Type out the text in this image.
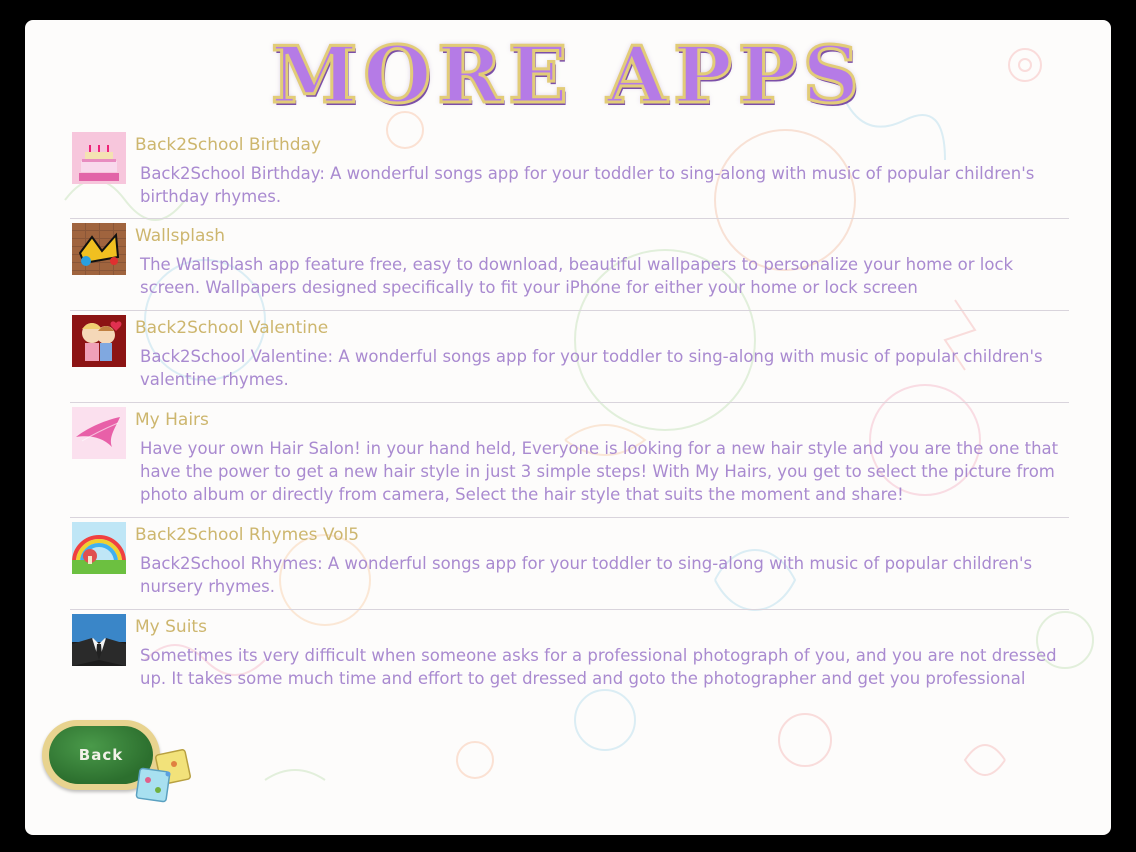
MORE APPS
Back2School Birthday
Back2School Birthday: A wonderful songs app for your toddler to sing-along with music of popular children's birthday rhymes.
Wallsplash
The Wallsplash app feature free, easy to download, beautiful wallpapers to personalize your home or lock screen. Wallpapers designed specifically to fit your iPhone for either your home or lock screen
Back2School Valentine
Back2School Valentine: A wonderful songs app for your toddler to sing-along with music of popular children's valentine rhymes.
My Hairs
Have your own Hair Salon! in your hand held, Everyone is looking for a new hair style and you are the one that have the power to get a new hair style in just 3 simple steps! With My Hairs, you get to select the picture from photo album or directly from camera, Select the hair style that suits the moment and share!
Back2School Rhymes Vol5
Back2School Rhymes: A wonderful songs app for your toddler to sing-along with music of popular children's nursery rhymes.
My Suits
Sometimes its very difficult when someone asks for a professional photograph of you, and you are not dressed up. It takes some much time and effort to get dressed and goto the photographer and get you professional
Back
